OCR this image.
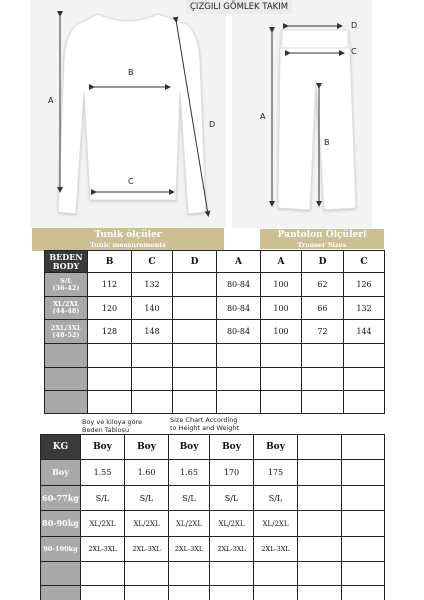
ÇIZGILI GÖMLEK TAKIM
A
B
C
D
D
C
A
B
Tunik ölçüler
Tunic measurements
Pantolon Ölçüleri
Trouser Sizes
BEDEN
BODY	B	C	D	A	A	D	C
S/L
(36-42)	112	132		80-84	100	62	126
XL/2XL
(44-48)	120	140		80-84	100	66	132
2XL/3XL
(48-52)	128	148		80-84	100	72	144

Boy ve kiloya göre
Beden Tablosu
Size Chart According
to Height and Weight
KG	Boy	Boy	Boy	Boy	Boy		
Boy	1.55	1.60	1.65	170	175		
60-77kg	S/L	S/L	S/L	S/L	S/L		
80-90kg	XL/2XL	XL/2XL	XL/2XL	XL/2XL	XL/2XL		
90-100kg	2XL-3XL	2XL-3XL	2XL-3XL	2XL-3XL	2XL-3XL		
